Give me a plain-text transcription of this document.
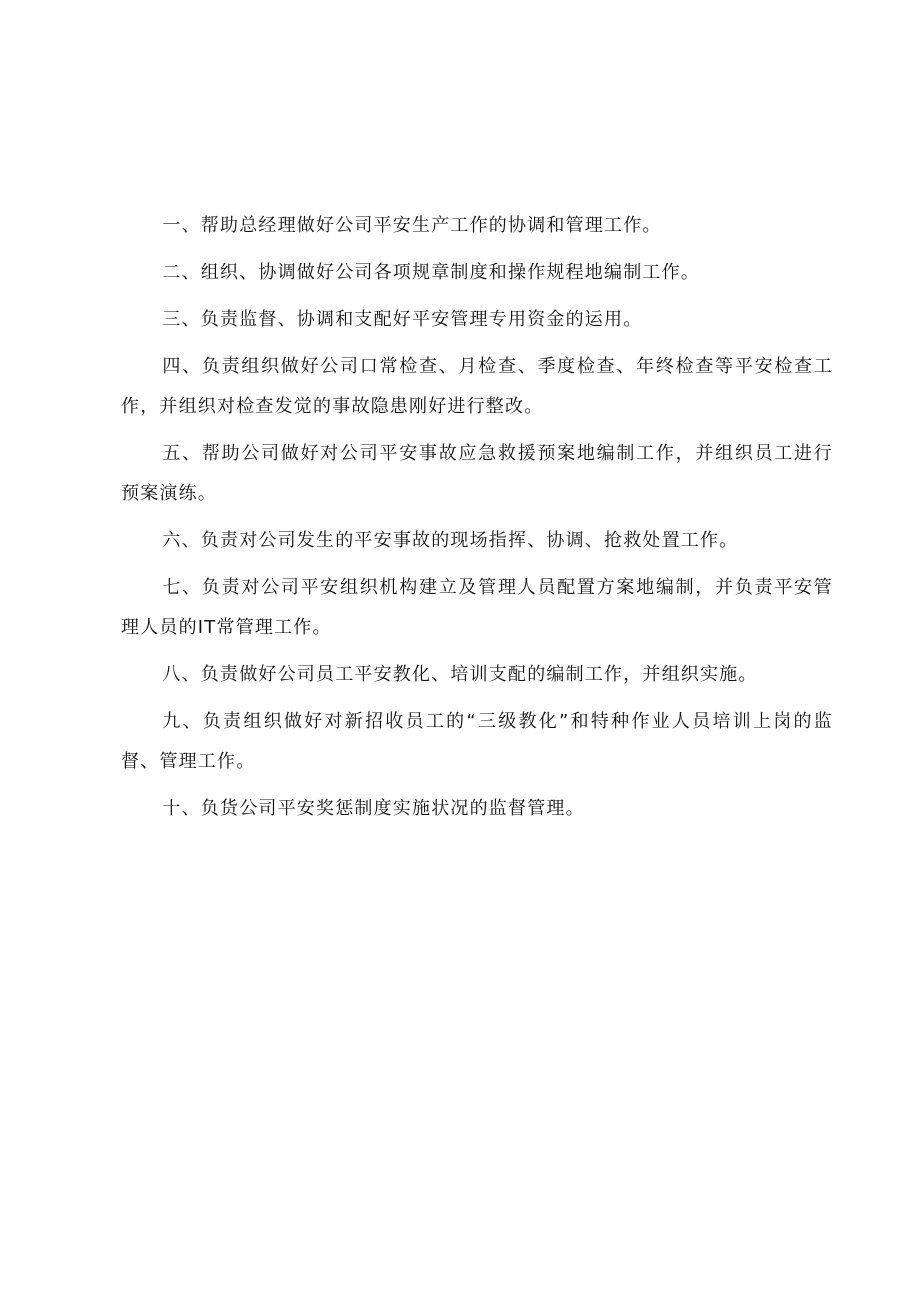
一、帮助总经理做好公司平安生产工作的协调和管理工作。

二、组织、协调做好公司各项规章制度和操作规程地编制工作。

三、负责监督、协调和支配好平安管理专用资金的运用。

四、负责组织做好公司口常检查、月检查、季度检查、年终检查等平安检查工作，并组织对检查发觉的事故隐患刚好进行整改。

五、帮助公司做好对公司平安事故应急救援预案地编制工作，并组织员工进行预案演练。

六、负责对公司发生的平安事故的现场指挥、协调、抢救处置工作。

七、负责对公司平安组织机构建立及管理人员配置方案地编制，并负责平安管理人员的IT常管理工作。

八、负责做好公司员工平安教化、培训支配的编制工作，并组织实施。

九、负责组织做好对新招收员工的“三级教化”和特种作业人员培训上岗的监督、管理工作。

十、负货公司平安奖惩制度实施状况的监督管理。
